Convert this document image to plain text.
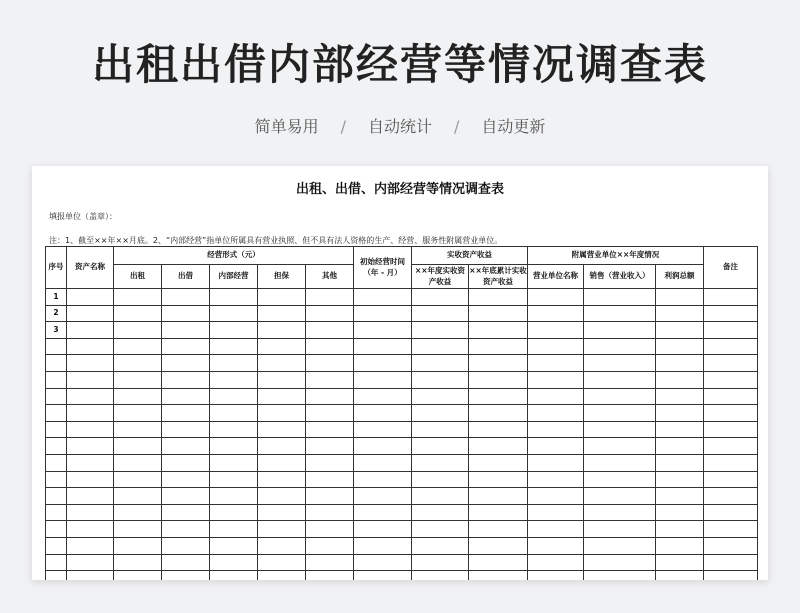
出租出借内部经营等情况调查表
简单易用 / 自动统计 / 自动更新
出租、出借、内部经营等情况调查表
填报单位（盖章）：
注：1、截至××年××月底。2、“内部经营”指单位所属具有营业执照、但不具有法人资格的生产、经营、服务性附属营业单位。
序号	资产名称	经营形式（元）					初始经营时间（年 - 月）	实收资产收益		附属营业单位××年度情况			备注
		出租	出借	内部经营	担保	其他		××年度实收资产收益	××年底累计实收资产收益	营业单位名称	销售（营业收入）	利润总额	
1													
2													
3													
